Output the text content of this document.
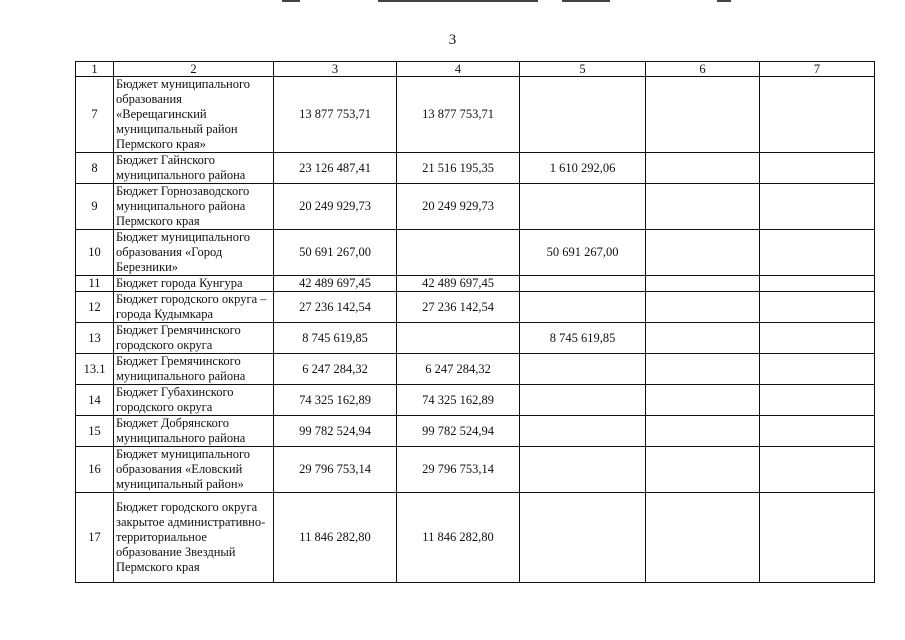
3
1	2	3	4	5	6	7
7	Бюджет муниципального образования «Верещагинский муниципальный район Пермского края»	13 877 753,71	13 877 753,71			
8	Бюджет Гайнского муниципального района	23 126 487,41	21 516 195,35	1 610 292,06		
9	Бюджет Горнозаводского муниципального района Пермского края	20 249 929,73	20 249 929,73			
10	Бюджет муниципального образования «Город Березники»	50 691 267,00		50 691 267,00		
11	Бюджет города Кунгура	42 489 697,45	42 489 697,45			
12	Бюджет городского округа – города Кудымкара	27 236 142,54	27 236 142,54			
13	Бюджет Гремячинского городского округа	8 745 619,85		8 745 619,85		
13.1	Бюджет Гремячинского муниципального района	6 247 284,32	6 247 284,32			
14	Бюджет Губахинского городского округа	74 325 162,89	74 325 162,89			
15	Бюджет Добрянского муниципального района	99 782 524,94	99 782 524,94			
16	Бюджет муниципального образования «Еловский муниципальный район»	29 796 753,14	29 796 753,14			
17	Бюджет городского округа закрытое административно-территориальное образование Звездный Пермского края	11 846 282,80	11 846 282,80			
